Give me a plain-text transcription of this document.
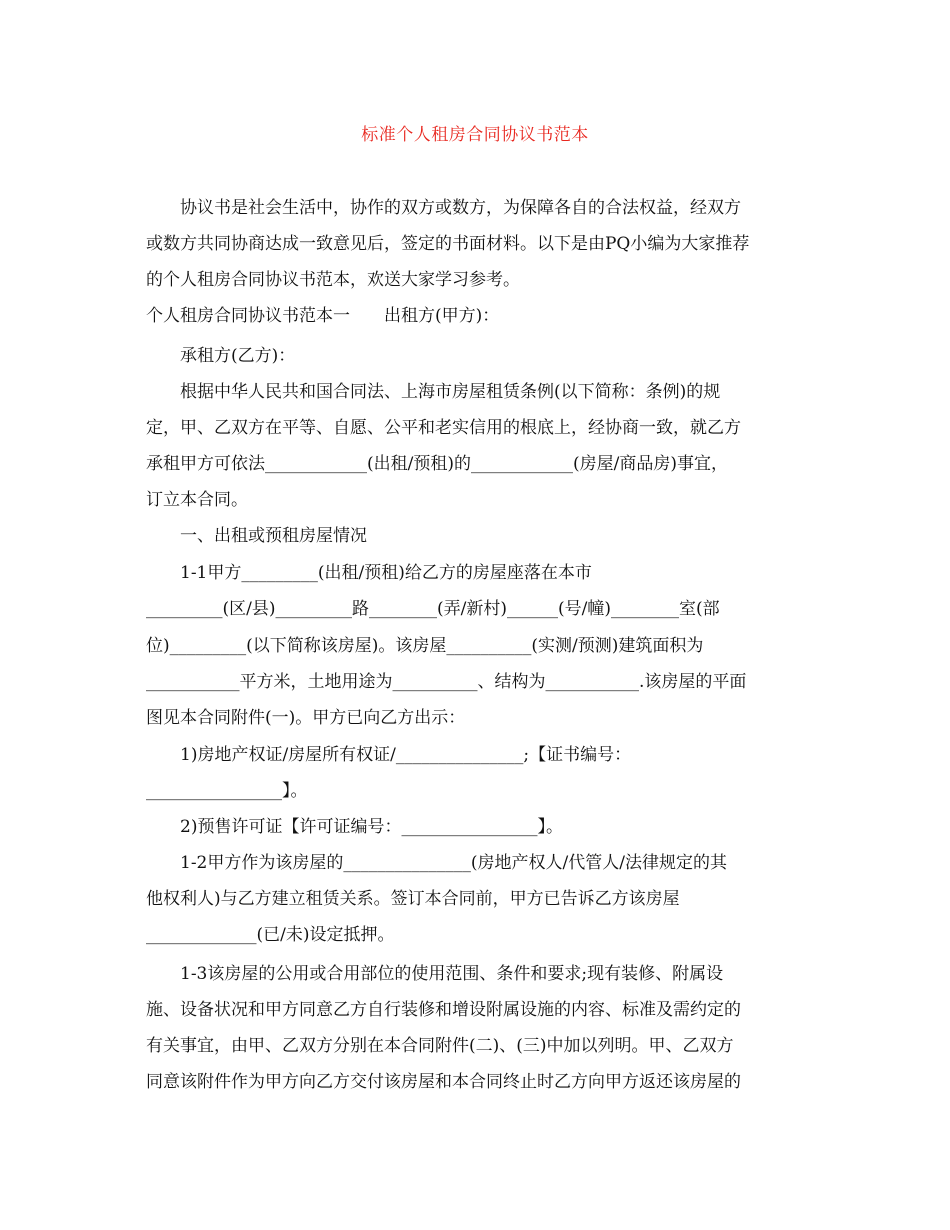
标准个人租房合同协议书范本
协议书是社会生活中，协作的双方或数方，为保障各自的合法权益，经双方
或数方共同协商达成一致意见后，签定的书面材料。以下是由PQ小编为大家推荐
的个人租房合同协议书范本，欢送大家学习参考。
个人租房合同协议书范本一　　出租方(甲方)：
承租方(乙方)：
根据中华人民共和国合同法、上海市房屋租赁条例(以下简称：条例)的规
定，甲、乙双方在平等、自愿、公平和老实信用的根底上，经协商一致，就乙方
承租甲方可依法____________(出租/预租)的____________(房屋/商品房)事宜，
订立本合同。
一、出租或预租房屋情况
1-1甲方_________(出租/预租)给乙方的房屋座落在本市
_________(区/县)_________路________(弄/新村)______(号/幢)________室(部
位)_________(以下简称该房屋)。该房屋__________(实测/预测)建筑面积为
___________平方米，土地用途为__________、结构为___________.该房屋的平面
图见本合同附件(一)。甲方已向乙方出示：
1)房地产权证/房屋所有权证/_______________;【证书编号：
________________】。
2)预售许可证【许可证编号：________________】。
1-2甲方作为该房屋的_______________(房地产权人/代管人/法律规定的其
他权利人)与乙方建立租赁关系。签订本合同前，甲方已告诉乙方该房屋
_____________(已/未)设定抵押。
1-3该房屋的公用或合用部位的使用范围、条件和要求;现有装修、附属设
施、设备状况和甲方同意乙方自行装修和增设附属设施的内容、标准及需约定的
有关事宜，由甲、乙双方分别在本合同附件(二)、(三)中加以列明。甲、乙双方
同意该附件作为甲方向乙方交付该房屋和本合同终止时乙方向甲方返还该房屋的
